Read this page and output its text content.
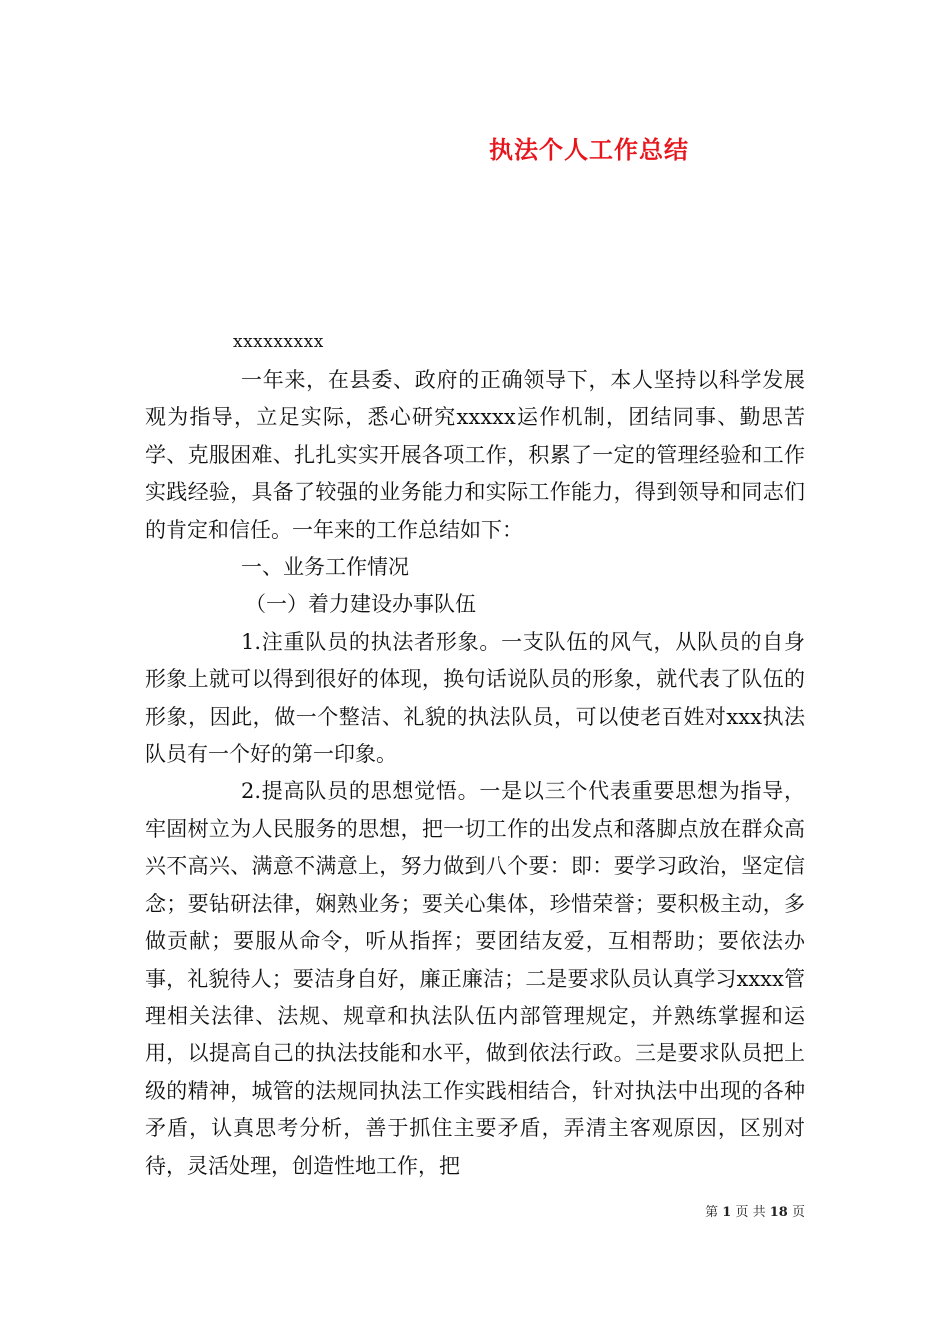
执法个人工作总结
xxxxxxxxx

一年来，在县委、政府的正确领导下，本人坚持以科学发展观为指导，立足实际，悉心研究xxxxx运作机制，团结同事、勤思苦学、克服困难、扎扎实实开展各项工作，积累了一定的管理经验和工作实践经验，具备了较强的业务能力和实际工作能力，得到领导和同志们的肯定和信任。一年来的工作总结如下：

一、业务工作情况

（一）着力建设办事队伍

1.注重队员的执法者形象。一支队伍的风气，从队员的自身形象上就可以得到很好的体现，换句话说队员的形象，就代表了队伍的形象，因此，做一个整洁、礼貌的执法队员，可以使老百姓对xxx执法队员有一个好的第一印象。

2.提高队员的思想觉悟。一是以三个代表重要思想为指导，牢固树立为人民服务的思想，把一切工作的出发点和落脚点放在群众高兴不高兴、满意不满意上，努力做到八个要：即：要学习政治，坚定信念；要钻研法律，娴熟业务；要关心集体，珍惜荣誉；要积极主动，多做贡献；要服从命令，听从指挥；要团结友爱，互相帮助；要依法办事，礼貌待人；要洁身自好，廉正廉洁；二是要求队员认真学习xxxx管理相关法律、法规、规章和执法队伍内部管理规定，并熟练掌握和运用，以提高自己的执法技能和水平，做到依法行政。三是要求队员把上级的精神，城管的法规同执法工作实践相结合，针对执法中出现的各种矛盾，认真思考分析，善于抓住主要矛盾，弄清主客观原因，区别对待，灵活处理，创造性地工作，把

第 1 页 共 18 页
